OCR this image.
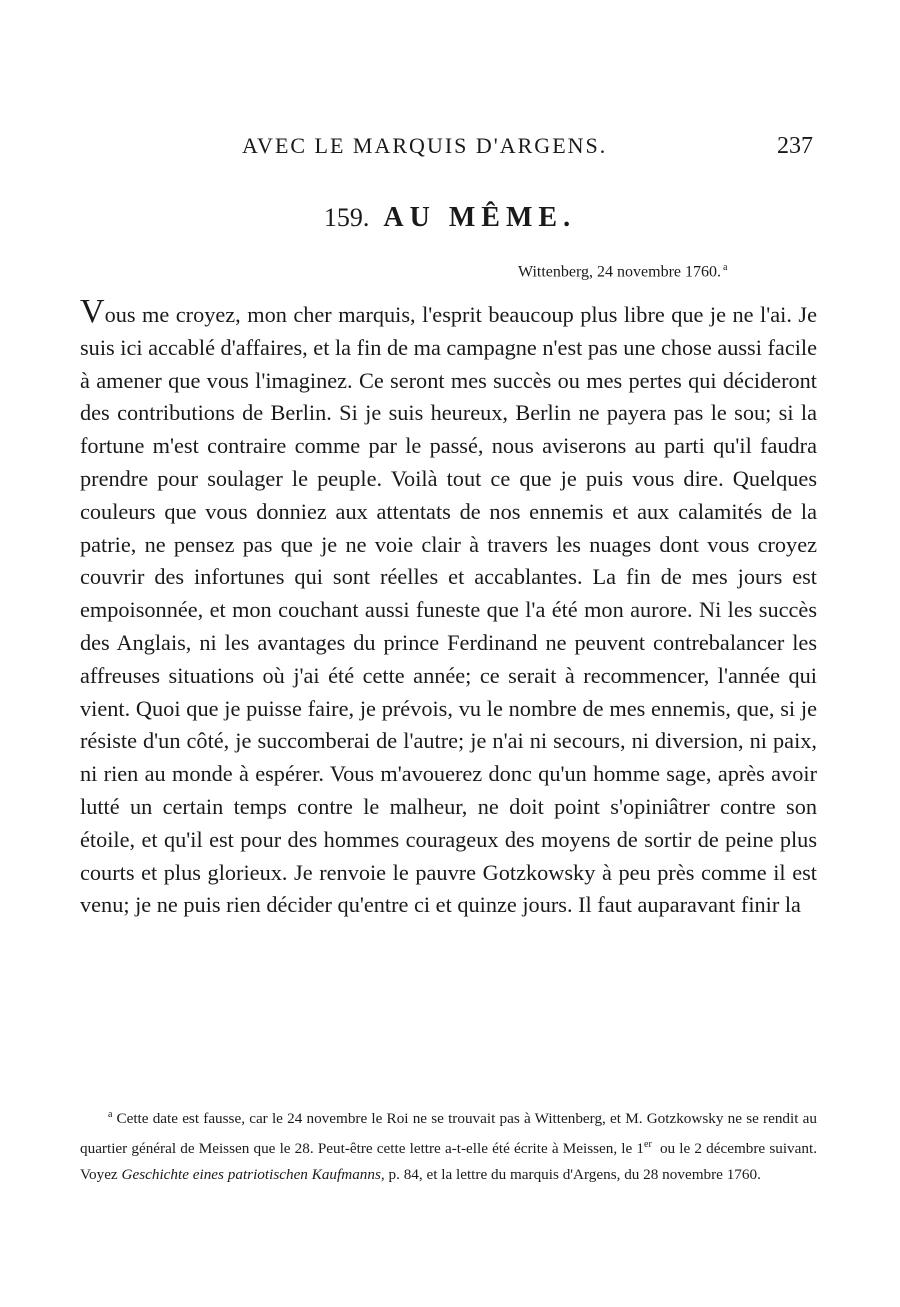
AVEC LE MARQUIS D'ARGENS.	237
159. AU MÊME.
Wittenberg, 24 novembre 1760. $^a$

Vous me croyez, mon cher marquis, l'esprit beaucoup plus libre que je ne l'ai. Je suis ici accablé d'affaires, et la fin de ma campagne n'est pas une chose aussi facile à amener que vous l'imaginez. Ce seront mes succès ou mes pertes qui décideront des contributions de Berlin. Si je suis heureux, Berlin ne payera pas le sou; si la fortune m'est contraire comme par le passé, nous aviserons au parti qu'il faudra prendre pour soulager le peuple. Voilà tout ce que je puis vous dire. Quelques couleurs que vous donniez aux attentats de nos ennemis et aux calamités de la patrie, ne pensez pas que je ne voie clair à travers les nuages dont vous croyez couvrir des infortunes qui sont réelles et accablantes. La fin de mes jours est empoisonnée, et mon couchant aussi funeste que l'a été mon aurore. Ni les succès des Anglais, ni les avantages du prince Ferdinand ne peuvent contrebalancer les affreuses situations où j'ai été cette année; ce serait à recommencer, l'année qui vient. Quoi que je puisse faire, je prévois, vu le nombre de mes ennemis, que, si je résiste d'un côté, je succomberai de l'autre; je n'ai ni secours, ni diversion, ni paix, ni rien au monde à espérer. Vous m'avouerez donc qu'un homme sage, après avoir lutté un certain temps contre le malheur, ne doit point s'opiniâtrer contre son étoile, et qu'il est pour des hommes courageux des moyens de sortir de peine plus courts et plus glorieux. Je renvoie le pauvre Gotzkowsky à peu près comme il est venu; je ne puis rien décider qu'entre ci et quinze jours. Il faut auparavant finir la

$^a$ Cette date est fausse, car le 24 novembre le Roi ne se trouvait pas à Wittenberg, et M. Gotzkowsky ne se rendit au quartier général de Meissen que le 28. Peut-être cette lettre a-t-elle été écrite à Meissen, le 1er ou le 2 décembre suivant. Voyez Geschichte eines patriotischen Kaufmanns, p. 84, et la lettre du marquis d'Argens, du 28 novembre 1760.
